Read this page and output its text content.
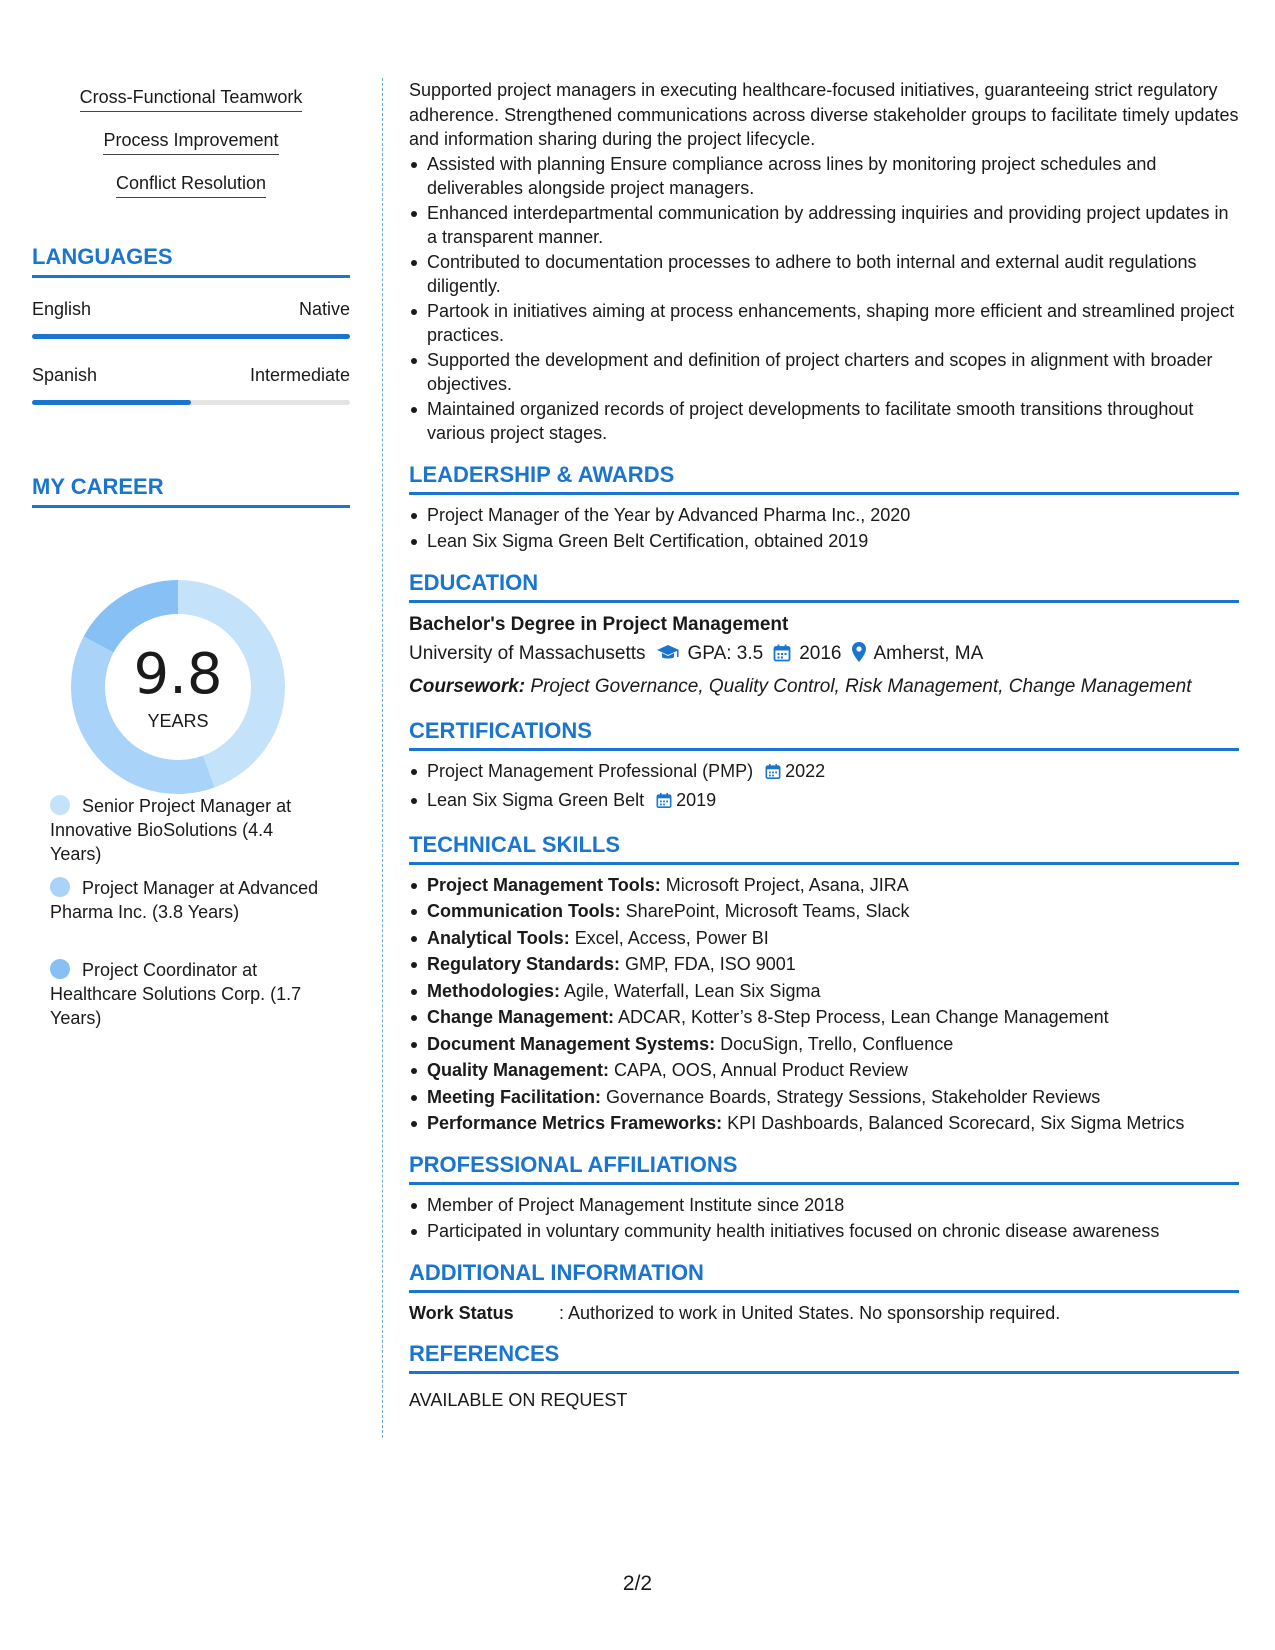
Cross-Functional Teamwork
Process Improvement
Conflict Resolution
LANGUAGES
English	Native
Spanish	Intermediate
MY CAREER
9.8
YEARS
Senior Project Manager at Innovative BioSolutions (4.4 Years)
Project Manager at Advanced Pharma Inc. (3.8 Years)
Project Coordinator at Healthcare Solutions Corp. (1.7 Years)

Supported project managers in executing healthcare-focused initiatives, guaranteeing strict regulatory adherence. Strengthened communications across diverse stakeholder groups to facilitate timely updates and information sharing during the project lifecycle.

Assisted with planning Ensure compliance across lines by monitoring project schedules and deliverables alongside project managers.
Enhanced interdepartmental communication by addressing inquiries and providing project updates in a transparent manner.
Contributed to documentation processes to adhere to both internal and external audit regulations diligently.
Partook in initiatives aiming at process enhancements, shaping more efficient and streamlined project practices.
Supported the development and definition of project charters and scopes in alignment with broader objectives.
Maintained organized records of project developments to facilitate smooth transitions throughout various project stages.
LEADERSHIP & AWARDS
Project Manager of the Year by Advanced Pharma Inc., 2020
Lean Six Sigma Green Belt Certification, obtained 2019
EDUCATION
Bachelor's Degree in Project Management
University of Massachusetts GPA: 3.5 2016 Amherst, MA
Coursework: Project Governance, Quality Control, Risk Management, Change Management
CERTIFICATIONS
Project Management Professional (PMP) 2022
Lean Six Sigma Green Belt 2019
TECHNICAL SKILLS
Project Management Tools: Microsoft Project, Asana, JIRA
Communication Tools: SharePoint, Microsoft Teams, Slack
Analytical Tools: Excel, Access, Power BI
Regulatory Standards: GMP, FDA, ISO 9001
Methodologies: Agile, Waterfall, Lean Six Sigma
Change Management: ADCAR, Kotter’s 8-Step Process, Lean Change Management
Document Management Systems: DocuSign, Trello, Confluence
Quality Management: CAPA, OOS, Annual Product Review
Meeting Facilitation: Governance Boards, Strategy Sessions, Stakeholder Reviews
Performance Metrics Frameworks: KPI Dashboards, Balanced Scorecard, Six Sigma Metrics
PROFESSIONAL AFFILIATIONS
Member of Project Management Institute since 2018
Participated in voluntary community health initiatives focused on chronic disease awareness
ADDITIONAL INFORMATION
Work Status	: Authorized to work in United States. No sponsorship required.
REFERENCES

AVAILABLE ON REQUEST

2/2
